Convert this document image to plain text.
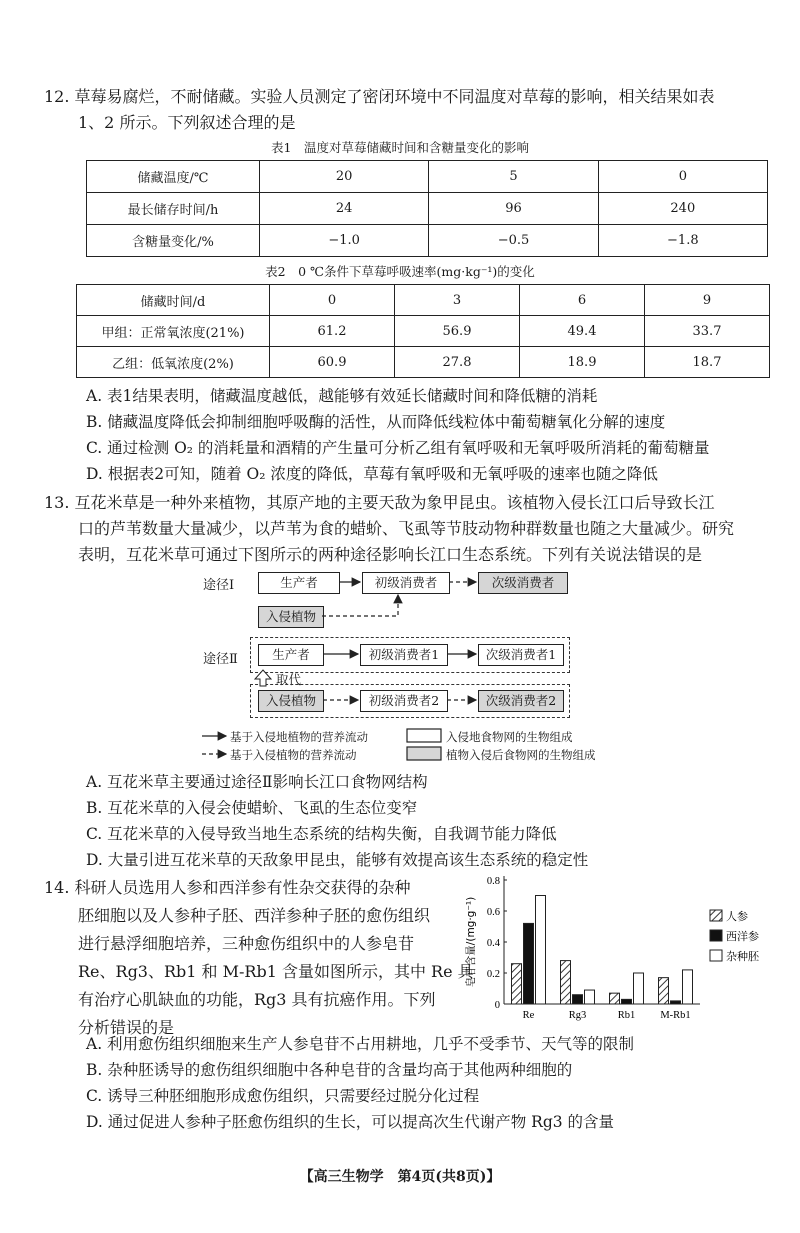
12. 草莓易腐烂，不耐储藏。实验人员测定了密闭环境中不同温度对草莓的影响，相关结果如表
1、2 所示。下列叙述合理的是
表1　温度对草莓储藏时间和含糖量变化的影响
储藏温度/℃	20	5	0
最长储存时间/h	24	96	240
含糖量变化/%	−1.0	−0.5	−1.8
表2　0 ℃条件下草莓呼吸速率(mg·kg⁻¹)的变化
储藏时间/d	0	3	6	9
甲组：正常氧浓度(21%)	61.2	56.9	49.4	33.7
乙组：低氧浓度(2%)	60.9	27.8	18.9	18.7
A. 表1结果表明，储藏温度越低，越能够有效延长储藏时间和降低糖的消耗
B. 储藏温度降低会抑制细胞呼吸酶的活性，从而降低线粒体中葡萄糖氧化分解的速度
C. 通过检测 O₂ 的消耗量和酒精的产生量可分析乙组有氧呼吸和无氧呼吸所消耗的葡萄糖量
D. 根据表2可知，随着 O₂ 浓度的降低，草莓有氧呼吸和无氧呼吸的速率也随之降低
13. 互花米草是一种外来植物，其原产地的主要天敌为象甲昆虫。该植物入侵长江口后导致长江
口的芦苇数量大量减少，以芦苇为食的蜡蚧、飞虱等节肢动物种群数量也随之大量减少。研究
表明，互花米草可通过下图所示的两种途径影响长江口生态系统。下列有关说法错误的是
途径Ⅰ	生产者	初级消费者	次级消费者
入侵植物
途径Ⅱ	生产者	初级消费者1	次级消费者1
取代
入侵植物	初级消费者2	次级消费者2
基于入侵地植物的营养流动
基于入侵植物的营养流动
入侵地食物网的生物组成
植物入侵后食物网的生物组成
A. 互花米草主要通过途径Ⅱ影响长江口食物网结构
B. 互花米草的入侵会使蜡蚧、飞虱的生态位变窄
C. 互花米草的入侵导致当地生态系统的结构失衡，自我调节能力降低
D. 大量引进互花米草的天敌象甲昆虫，能够有效提高该生态系统的稳定性
14. 科研人员选用人参和西洋参有性杂交获得的杂种
胚细胞以及人参种子胚、西洋参种子胚的愈伤组织
进行悬浮细胞培养，三种愈伤组织中的人参皂苷
Re、Rg3、Rb1 和 M-Rb1 含量如图所示，其中 Re 具
有治疗心肌缺血的功能，Rg3 具有抗癌作用。下列
分析错误的是
0
0.2
0.4
0.6
0.8
皂苷含量/(mg·g⁻¹)
Re	Rg3	Rb1 M-Rb1
人参
西洋参
杂种胚
A. 利用愈伤组织细胞来生产人参皂苷不占用耕地，几乎不受季节、天气等的限制
B. 杂种胚诱导的愈伤组织细胞中各种皂苷的含量均高于其他两种细胞的
C. 诱导三种胚细胞形成愈伤组织，只需要经过脱分化过程
D. 通过促进人参种子胚愈伤组织的生长，可以提高次生代谢产物 Rg3 的含量
【高三生物学　第4页(共8页)】
